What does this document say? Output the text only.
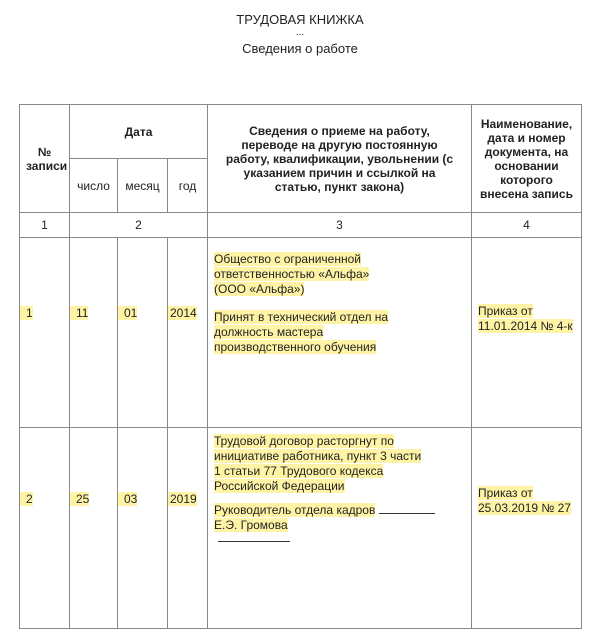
ТРУДОВАЯ КНИЖКА
...
Сведения о работе
№ записи	Дата			Сведения о приеме на работу, переводе на другую постоянную работу, квалификации, увольнении (с указанием причин и ссылкой на статью, пункт закона)	Наименование, дата и номер документа, на основании которого внесена запись
	число	месяц	год		
1	2			3	4
1	11	01	2014	Общество с ограниченной ответственностью «Альфа» (ООО «Альфа»)
Принят в технический отдел на должность мастера производственного обучения	Приказ от 11.01.2014 № 4-к

2	25	03	2019	Трудовой договор расторгнут по инициативе работника, пункт 3 части 1 статьи 77 Трудового кодекса Российской Федерации
Руководитель отдела кадровЕ.Э. Громова	Приказ от 25.03.2019 № 27
